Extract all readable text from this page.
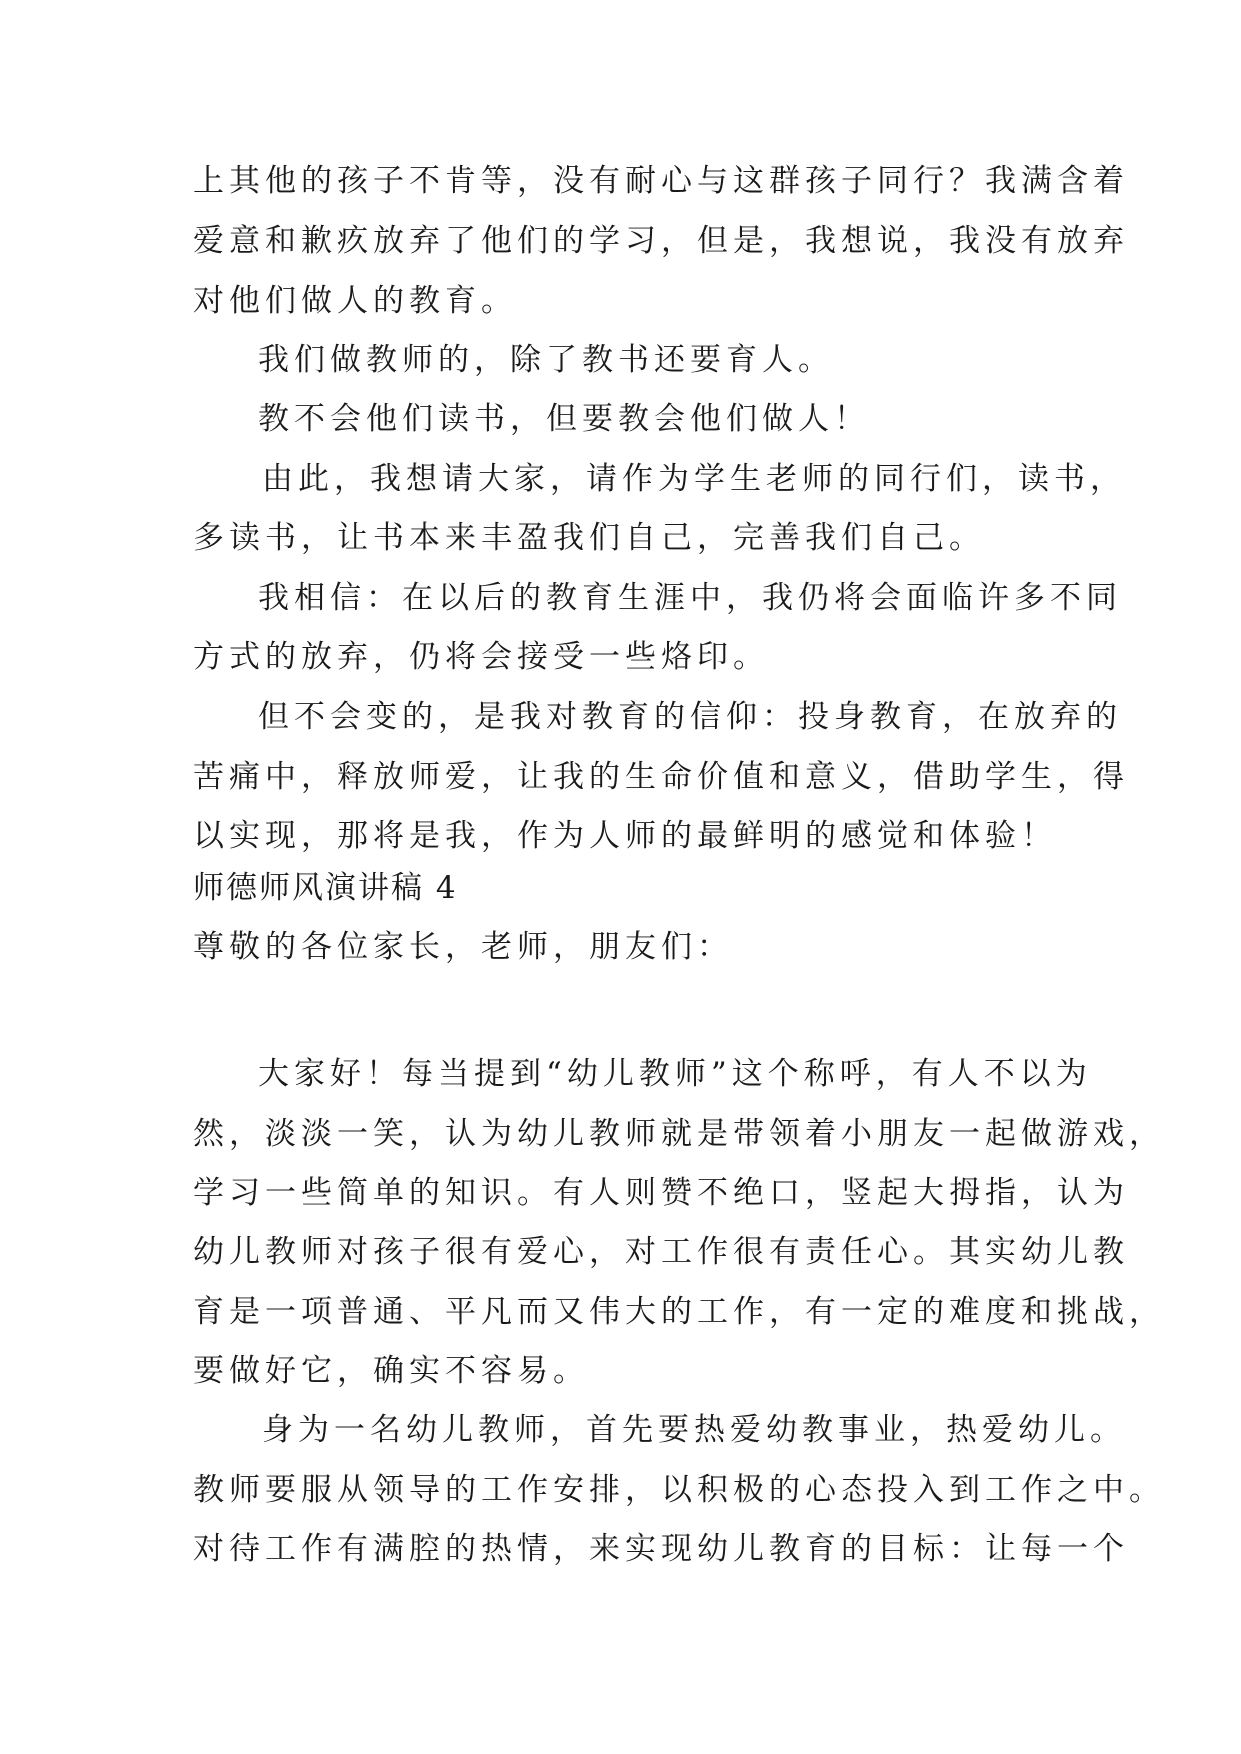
上其他的孩子不肯等，没有耐心与这群孩子同行？我满含着
爱意和歉疚放弃了他们的学习，但是，我想说，我没有放弃
对他们做人的教育。
我们做教师的，除了教书还要育人。
教不会他们读书，但要教会他们做人！
由此，我想请大家，请作为学生老师的同行们，读书，
多读书，让书本来丰盈我们自己，完善我们自己。
我相信：在以后的教育生涯中，我仍将会面临许多不同
方式的放弃，仍将会接受一些烙印。
但不会变的，是我对教育的信仰：投身教育，在放弃的
苦痛中，释放师爱，让我的生命价值和意义，借助学生，得
以实现，那将是我，作为人师的最鲜明的感觉和体验！
师德师风演讲稿 4
尊敬的各位家长，老师，朋友们：
大家好！每当提到“幼儿教师”这个称呼，有人不以为
然，淡淡一笑，认为幼儿教师就是带领着小朋友一起做游戏，
学习一些简单的知识。有人则赞不绝口，竖起大拇指，认为
幼儿教师对孩子很有爱心，对工作很有责任心。其实幼儿教
育是一项普通、平凡而又伟大的工作，有一定的难度和挑战，
要做好它，确实不容易。
身为一名幼儿教师，首先要热爱幼教事业，热爱幼儿。
教师要服从领导的工作安排，以积极的心态投入到工作之中。
对待工作有满腔的热情，来实现幼儿教育的目标：让每一个
